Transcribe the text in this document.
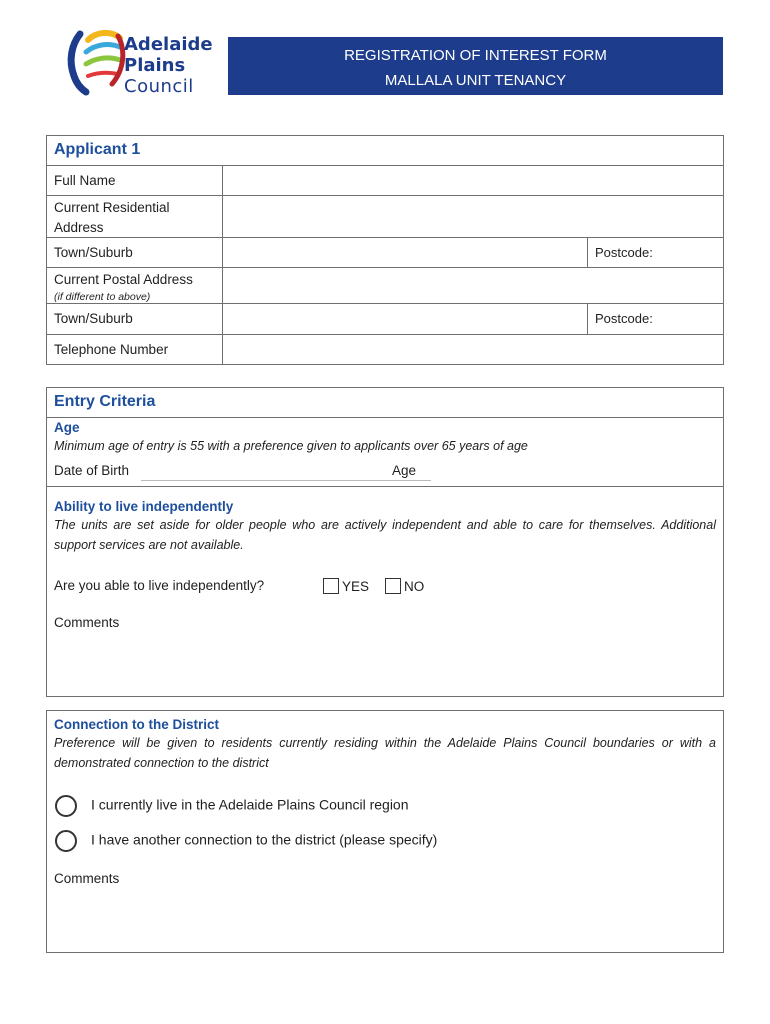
Adelaide
Plains
Council
REGISTRATION OF INTEREST FORM
MALLALA UNIT TENANCY
Applicant 1
Full Name
Current Residential Address
Town/Suburb	Postcode:
Current Postal Address
(if different to above)
Town/Suburb	Postcode:
Telephone Number
Entry Criteria
Age
Minimum age of entry is 55 with a preference given to applicants over 65 years of age
Date of Birth	Age
Ability to live independently
The units are set aside for older people who are actively independent and able to care for themselves. Additional support services are not available.
Are you able to live independently?	YES	NO
Comments
Connection to the District
Preference will be given to residents currently residing within the Adelaide Plains Council boundaries or with a demonstrated connection to the district
I currently live in the Adelaide Plains Council region
I have another connection to the district (please specify)
Comments
